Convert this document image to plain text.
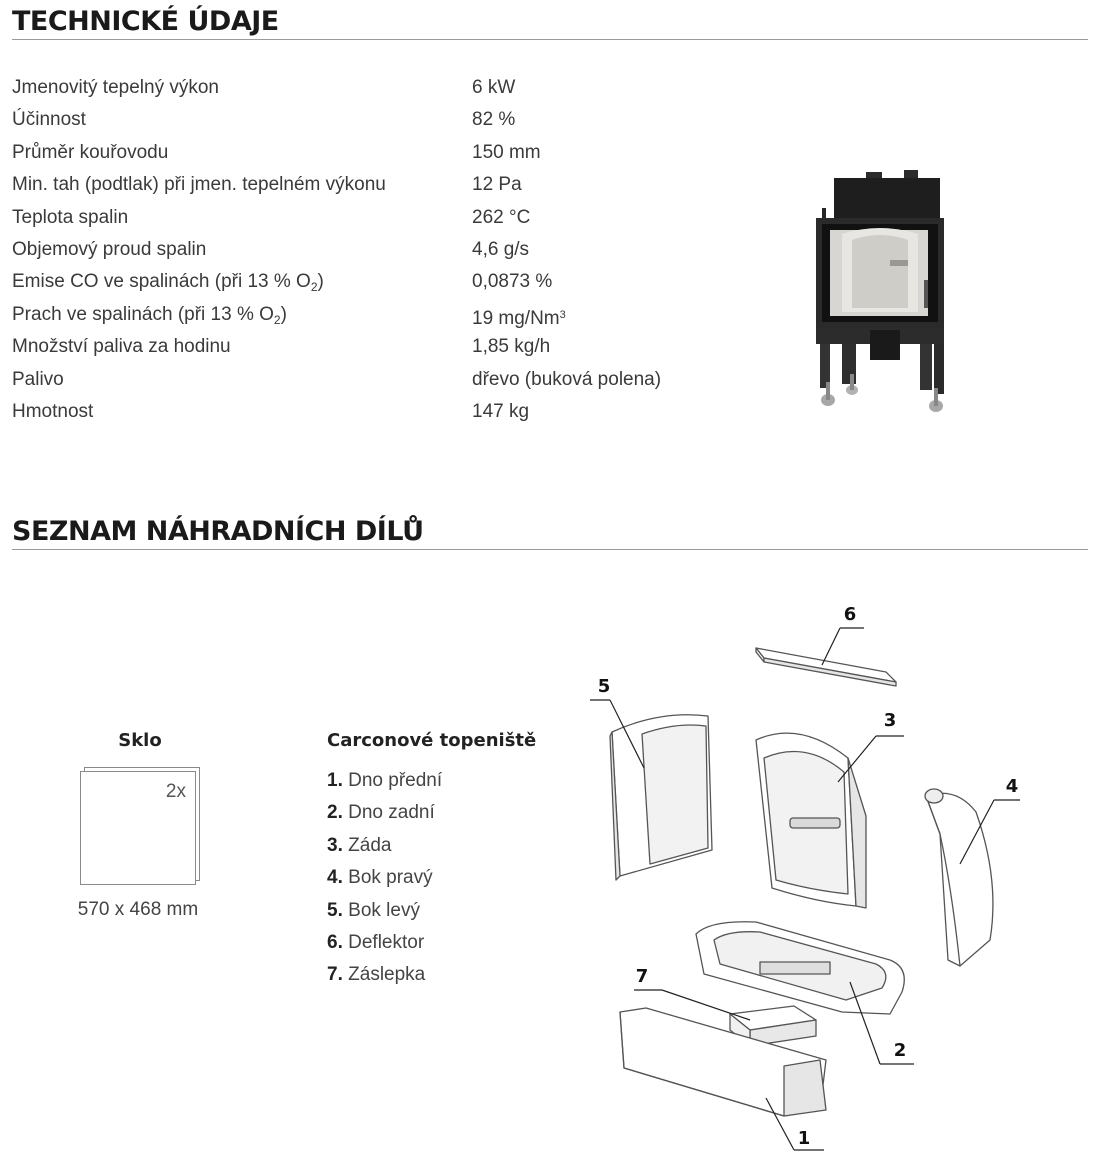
TECHNICKÉ ÚDAJE
Jmenovitý tepelný výkon	6 kW
Účinnost	82 %
Průměr kouřovodu	150 mm
Min. tah (podtlak) při jmen. tepelném výkonu	12 Pa
Teplota spalin	262 °C
Objemový proud spalin	4,6 g/s
Emise CO ve spalinách (při 13 % $O_2$)	0,0873 %
Prach ve spalinách (při 13 % $O_2$)	19 mg/Nm$^3$
Množství paliva za hodinu	1,85 kg/h
Palivo	dřevo (buková polena)
Hmotnost	147 kg
SEZNAM NÁHRADNÍCH DÍLŮ
Sklo
2x
570 x 468 mm
Carconové topeniště
1. Dno přední
2. Dno zadní
3. Záda
4. Bok pravý
5. Bok levý
6. Deflektor
7. Záslepka
6
5
3
4
2
7
1
